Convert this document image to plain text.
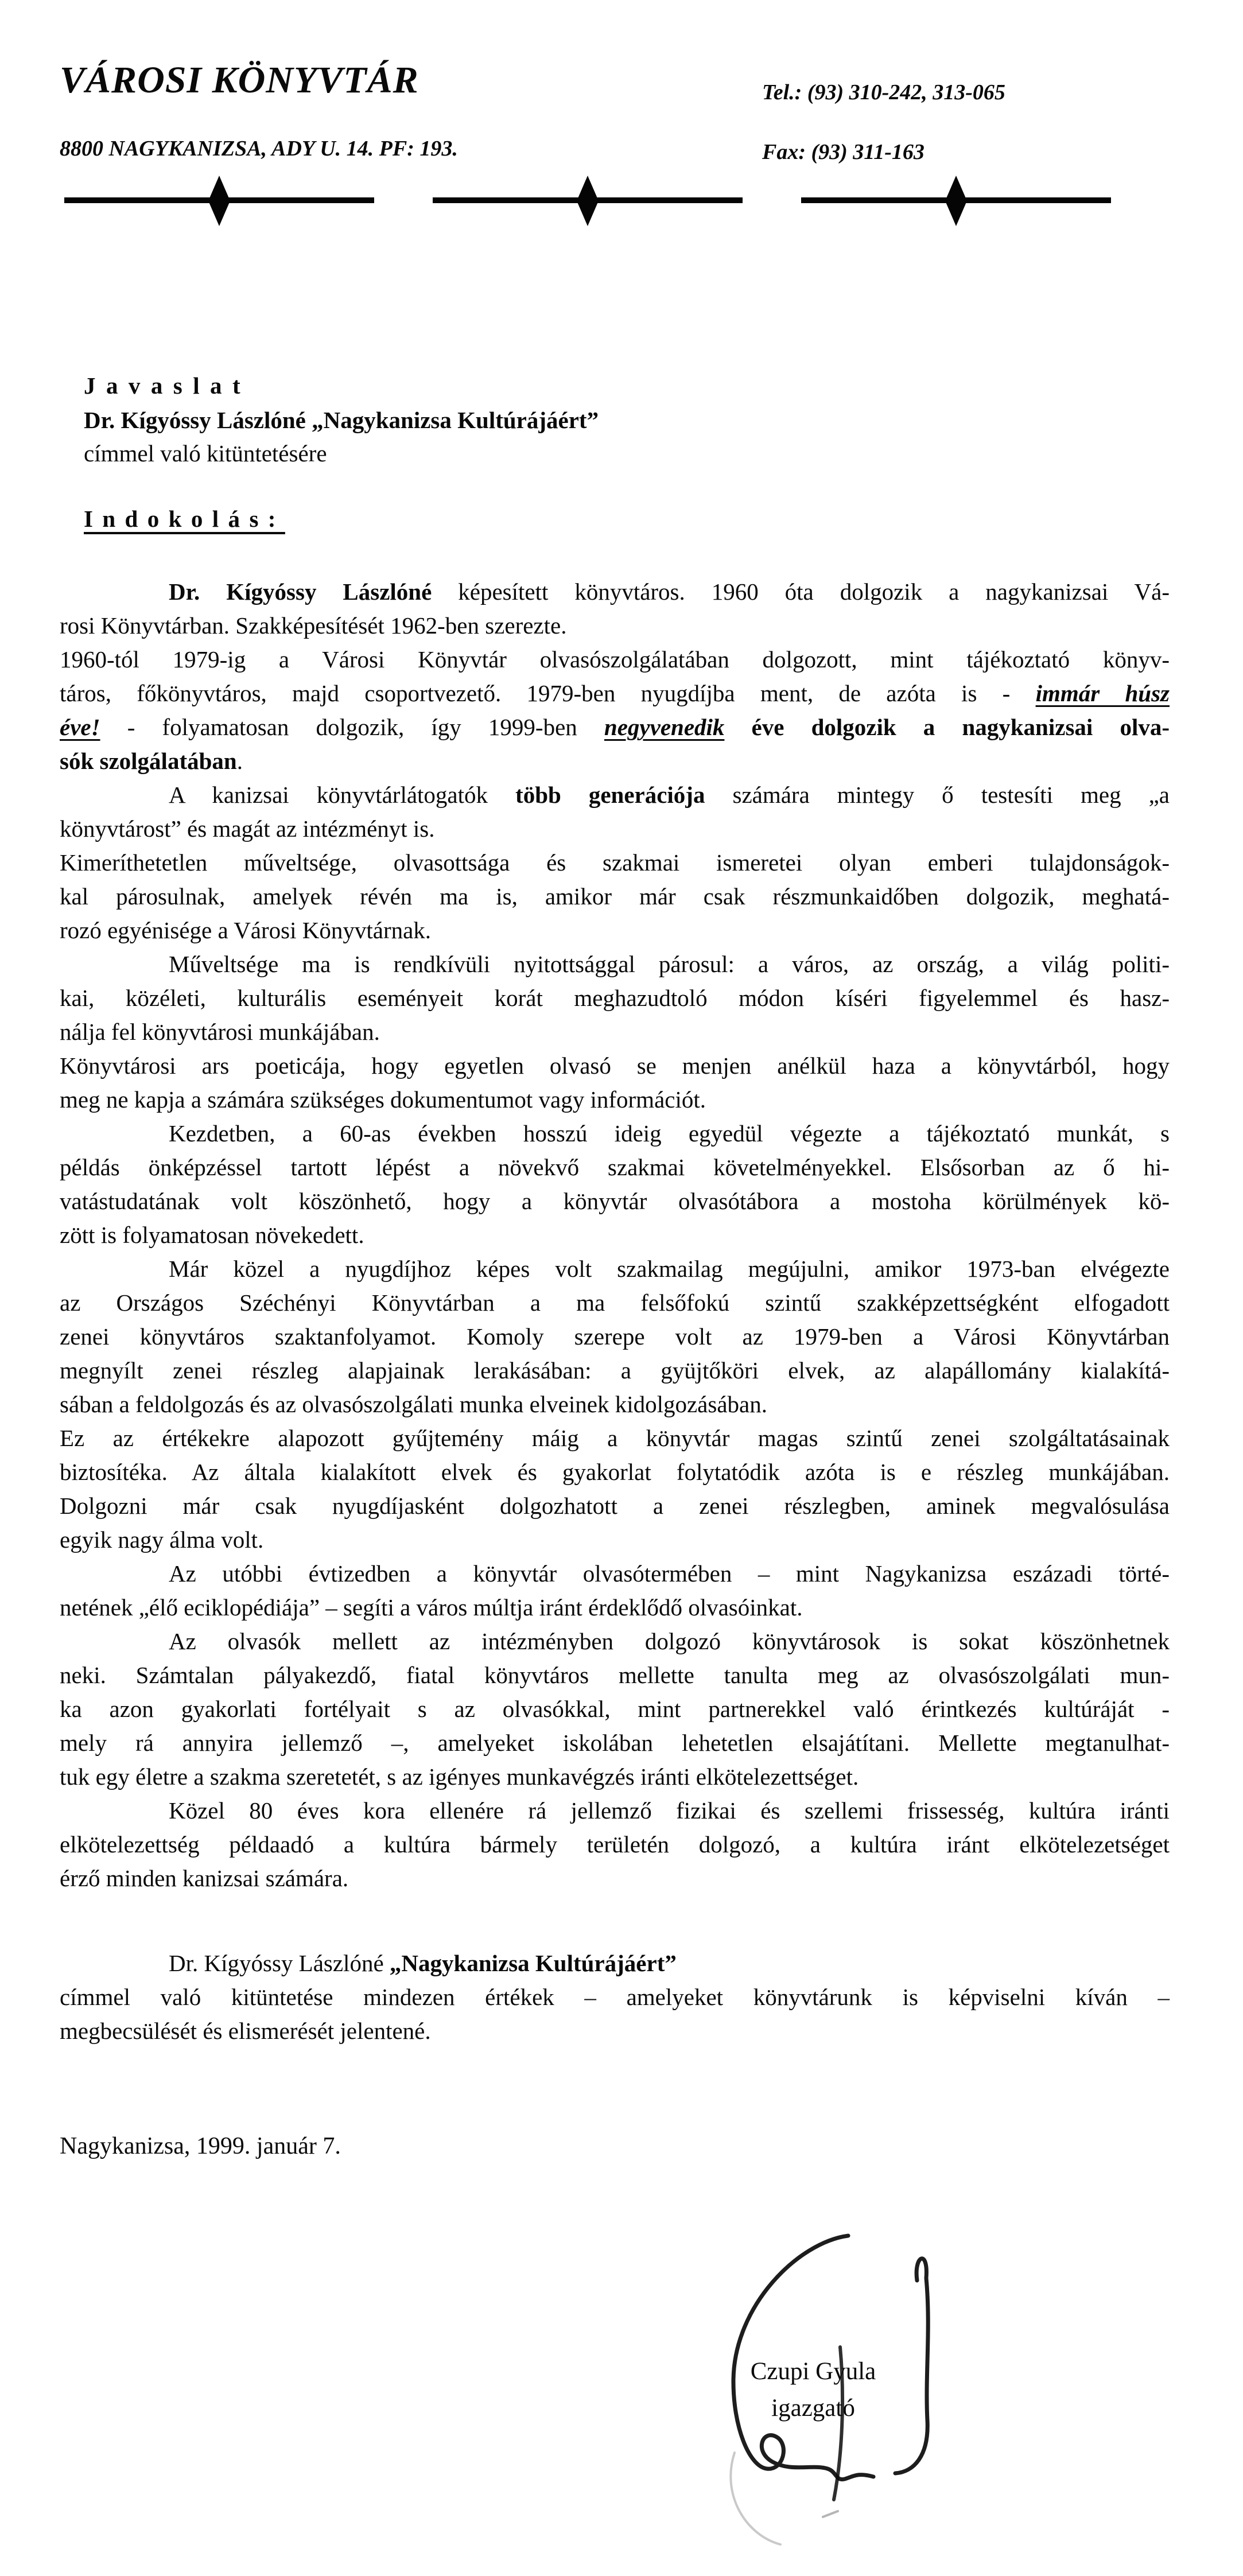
VÁROSI KÖNYVTÁR	Tel.: (93) 310-242, 313-065
8800 NAGYKANIZSA, ADY U. 14. PF: 193.	Fax: (93) 311-163
Javaslat
Dr. Kígyóssy Lászlóné „Nagykanizsa Kultúrájáért”
címmel való kitüntetésére
Indokolás:
Dr. Kígyóssy Lászlóné képesített könyvtáros. 1960 óta dolgozik a nagykanizsai Vá-
rosi Könyvtárban. Szakképesítését 1962-ben szerezte.
1960-tól 1979-ig a Városi Könyvtár olvasószolgálatában dolgozott, mint tájékoztató könyv-
táros, főkönyvtáros, majd csoportvezető. 1979-ben nyugdíjba ment, de azóta is - immár húsz
éve! - folyamatosan dolgozik, így 1999-ben negyvenedik éve dolgozik a nagykanizsai olva-
sók szolgálatában.
A kanizsai könyvtárlátogatók több generációja számára mintegy ő testesíti meg „a
könyvtárost” és magát az intézményt is.
Kimeríthetetlen műveltsége, olvasottsága és szakmai ismeretei olyan emberi tulajdonságok-
kal párosulnak, amelyek révén ma is, amikor már csak részmunkaidőben dolgozik, meghatá-
rozó egyénisége a Városi Könyvtárnak.
Műveltsége ma is rendkívüli nyitottsággal párosul: a város, az ország, a világ politi-
kai, közéleti, kulturális eseményeit korát meghazudtoló módon kíséri figyelemmel és hasz-
nálja fel könyvtárosi munkájában.
Könyvtárosi ars poeticája, hogy egyetlen olvasó se menjen anélkül haza a könyvtárból, hogy
meg ne kapja a számára szükséges dokumentumot vagy információt.
Kezdetben, a 60-as években hosszú ideig egyedül végezte a tájékoztató munkát, s
példás önképzéssel tartott lépést a növekvő szakmai követelményekkel. Elsősorban az ő hi-
vatástudatának volt köszönhető, hogy a könyvtár olvasótábora a mostoha körülmények kö-
zött is folyamatosan növekedett.
Már közel a nyugdíjhoz képes volt szakmailag megújulni, amikor 1973-ban elvégezte
az Országos Széchényi Könyvtárban a ma felsőfokú szintű szakképzettségként elfogadott
zenei könyvtáros szaktanfolyamot. Komoly szerepe volt az 1979-ben a Városi Könyvtárban
megnyílt zenei részleg alapjainak lerakásában: a gyüjtőköri elvek, az alapállomány kialakítá-
sában a feldolgozás és az olvasószolgálati munka elveinek kidolgozásában.
Ez az értékekre alapozott gyűjtemény máig a könyvtár magas szintű zenei szolgáltatásainak
biztosítéka. Az általa kialakított elvek és gyakorlat folytatódik azóta is e részleg munkájában.
Dolgozni már csak nyugdíjasként dolgozhatott a zenei részlegben, aminek megvalósulása
egyik nagy álma volt.
Az utóbbi évtizedben a könyvtár olvasótermében – mint Nagykanizsa eszázadi törté-
netének „élő eciklopédiája” – segíti a város múltja iránt érdeklődő olvasóinkat.
Az olvasók mellett az intézményben dolgozó könyvtárosok is sokat köszönhetnek
neki. Számtalan pályakezdő, fiatal könyvtáros mellette tanulta meg az olvasószolgálati mun-
ka azon gyakorlati fortélyait s az olvasókkal, mint partnerekkel való érintkezés kultúráját -
mely rá annyira jellemző –, amelyeket iskolában lehetetlen elsajátítani. Mellette megtanulhat-
tuk egy életre a szakma szeretetét, s az igényes munkavégzés iránti elkötelezettséget.
Közel 80 éves kora ellenére rá jellemző fizikai és szellemi frissesség, kultúra iránti
elkötelezettség példaadó a kultúra bármely területén dolgozó, a kultúra iránt elkötelezetséget
érző minden kanizsai számára.
Dr. Kígyóssy Lászlóné „Nagykanizsa Kultúrájáért”
címmel való kitüntetése mindezen értékek – amelyeket könyvtárunk is képviselni kíván –
megbecsülését és elismerését jelentené.
Nagykanizsa, 1999. január 7.
Czupi Gyula
igazgató
